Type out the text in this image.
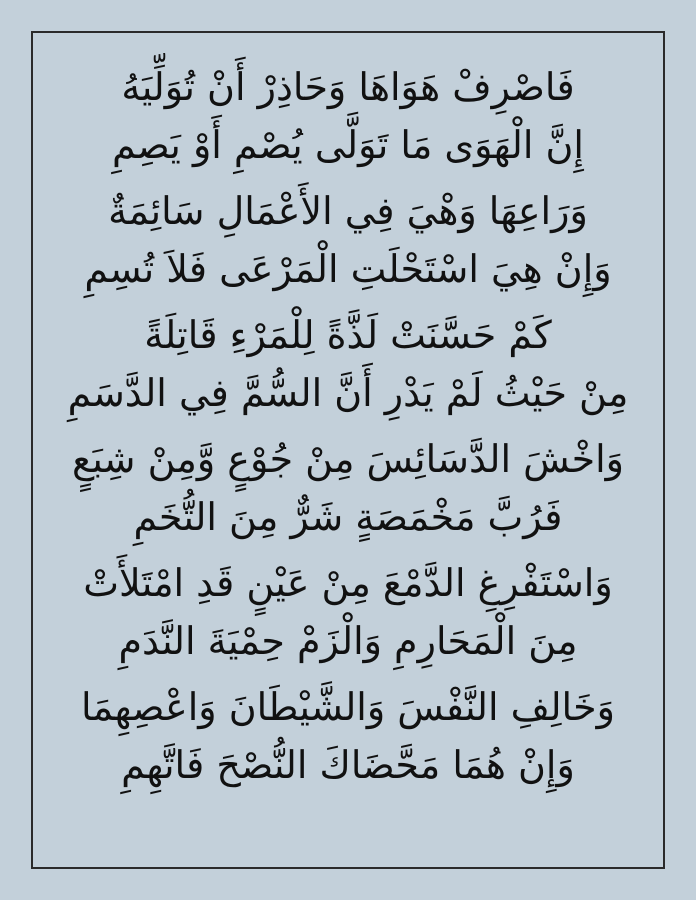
فَاصْرِفْ هَوَاهَا وَحَاذِرْ أَنْ تُوَلِّيَهُ
إِنَّ الْهَوَى مَا تَوَلَّى يُصْمِ أَوْ يَصِمِ
وَرَاعِهَا وَهْيَ فِي الأَعْمَالِ سَائِمَةٌ
وَإِنْ هِيَ اسْتَحْلَتِ الْمَرْعَى فَلاَ تُسِمِ
كَمْ حَسَّنَتْ لَذَّةً لِلْمَرْءِ قَاتِلَةً
مِنْ حَيْثُ لَمْ يَدْرِ أَنَّ السُّمَّ فِي الدَّسَمِ
وَاخْشَ الدَّسَائِسَ مِنْ جُوْعٍ وَّمِنْ شِبَعٍ
فَرُبَّ مَخْمَصَةٍ شَرٌّ مِنَ التُّخَمِ
وَاسْتَفْرِغِ الدَّمْعَ مِنْ عَيْنٍ قَدِ امْتَلأَتْ
مِنَ الْمَحَارِمِ وَالْزَمْ حِمْيَةَ النَّدَمِ
وَخَالِفِ النَّفْسَ وَالشَّيْطَانَ وَاعْصِهِمَا
وَإِنْ هُمَا مَحَّضَاكَ النُّصْحَ فَاتَّهِمِ
